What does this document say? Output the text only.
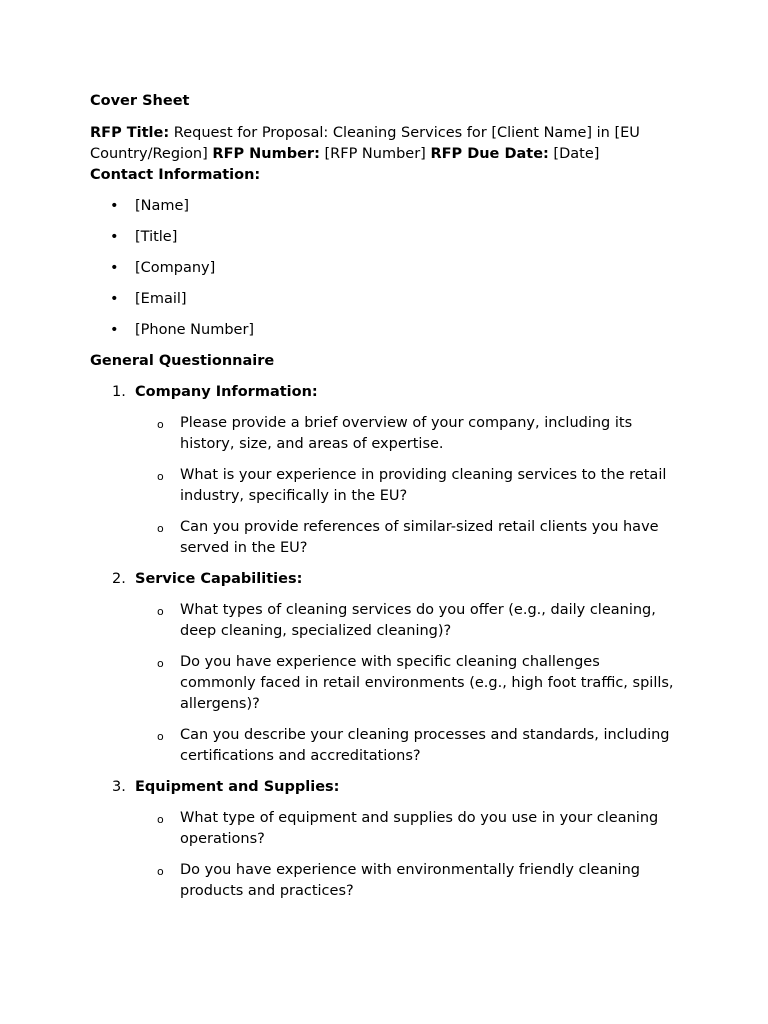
Cover Sheet
RFP Title: Request for Proposal: Cleaning Services for [Client Name] in [EU Country/Region] RFP Number: [RFP Number] RFP Due Date: [Date]
Contact Information:
• [Name]
• [Title]
• [Company]
• [Email]
• [Phone Number]
General Questionnaire
1. Company Information:
o Please provide a brief overview of your company, including its history, size, and areas of expertise.
o What is your experience in providing cleaning services to the retail industry, specifically in the EU?
o Can you provide references of similar-sized retail clients you have served in the EU?
2. Service Capabilities:
o What types of cleaning services do you offer (e.g., daily cleaning, deep cleaning, specialized cleaning)?
o Do you have experience with specific cleaning challenges commonly faced in retail environments (e.g., high foot traffic, spills, allergens)?
o Can you describe your cleaning processes and standards, including certifications and accreditations?
3. Equipment and Supplies:
o What type of equipment and supplies do you use in your cleaning operations?
o Do you have experience with environmentally friendly cleaning products and practices?
